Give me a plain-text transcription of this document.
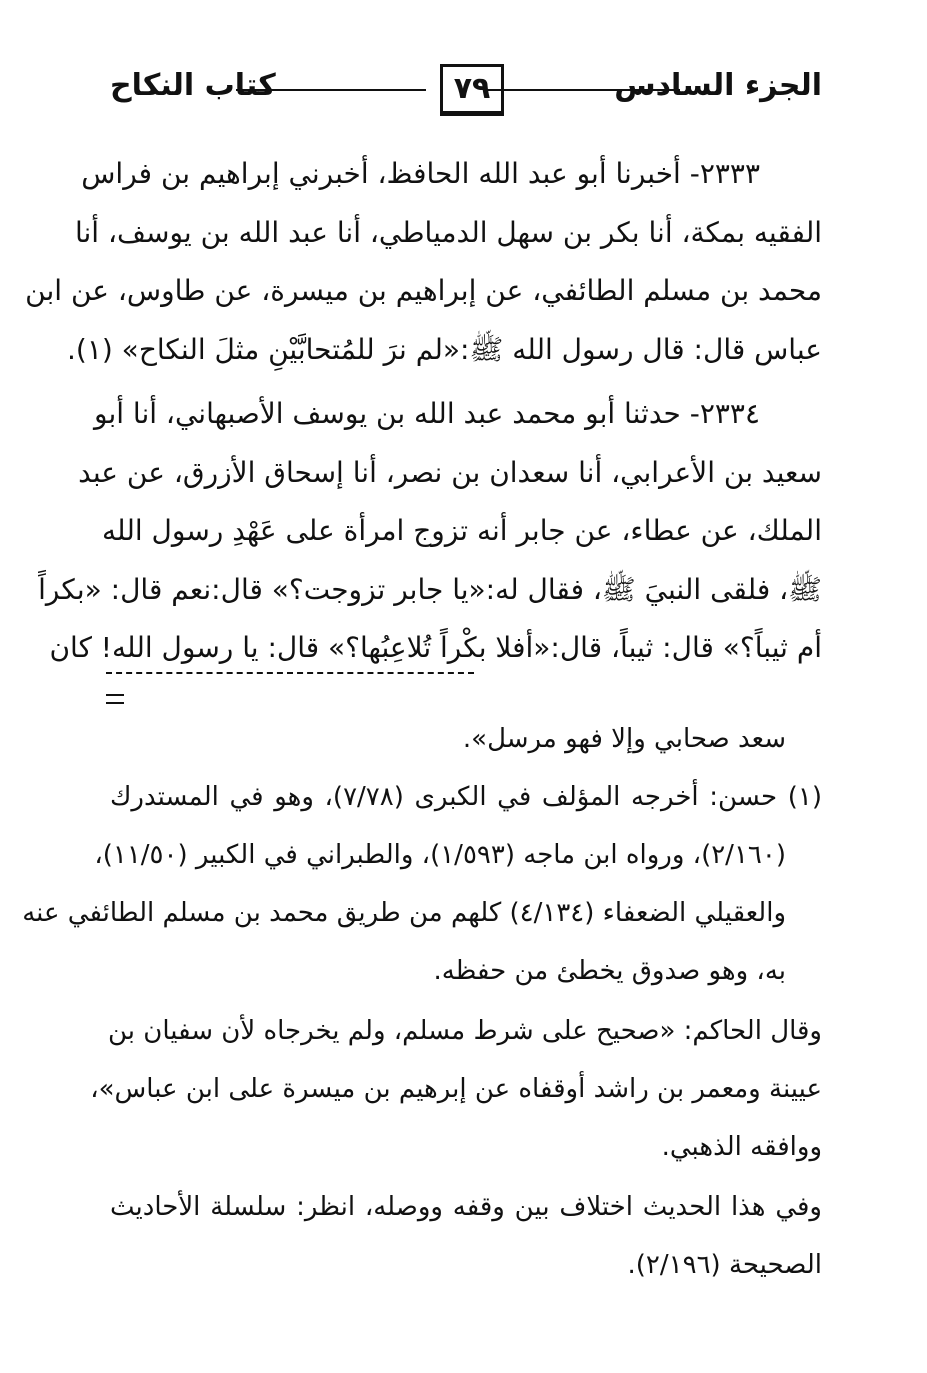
الجزء السادس
٧٩
كتاب النكاح
٢٣٣٣- أخبرنا أبو عبد الله الحافظ، أخبرني إبراهيم بن فراس
الفقيه بمكة، أنا بكر بن سهل الدمياطي، أنا عبد الله بن يوسف، أنا
محمد بن مسلم الطائفي، عن إبراهيم بن ميسرة، عن طاوس، عن ابن
عباس قال: قال رسول الله ﷺ:«لم نرَ للمُتحابَّيْنِ مثلَ النكاح» (١).
٢٣٣٤- حدثنا أبو محمد عبد الله بن يوسف الأصبهاني، أنا أبو
سعيد بن الأعرابي، أنا سعدان بن نصر، أنا إسحاق الأزرق، عن عبد
الملك، عن عطاء، عن جابر أنه تزوج امرأة على عَهْدِ رسول الله
ﷺ، فلقى النبيَ ﷺ، فقال له:«يا جابر تزوجت؟» قال:نعم قال: «بكراً
أم ثيباً؟» قال: ثيباً، قال:«أفلا بكْراً تُلاعِبُها؟» قال: يا رسول الله! كان
سعد صحابي وإلا فهو مرسل».
(١) حسن: أخرجه المؤلف في الكبرى (٧/٧٨)، وهو في المستدرك
(٢/١٦٠)، ورواه ابن ماجه (١/٥٩٣)، والطبراني في الكبير (١١/٥٠)،
والعقيلي الضعفاء (٤/١٣٤) كلهم من طريق محمد بن مسلم الطائفي عنه
به، وهو صدوق يخطئ من حفظه.
وقال الحاكم: «صحيح على شرط مسلم، ولم يخرجاه لأن سفيان بن
عيينة ومعمر بن راشد أوقفاه عن إبرهيم بن ميسرة على ابن عباس»،
ووافقه الذهبي.
وفي هذا الحديث اختلاف بين وقفه ووصله، انظر: سلسلة الأحاديث
الصحيحة (٢/١٩٦).
